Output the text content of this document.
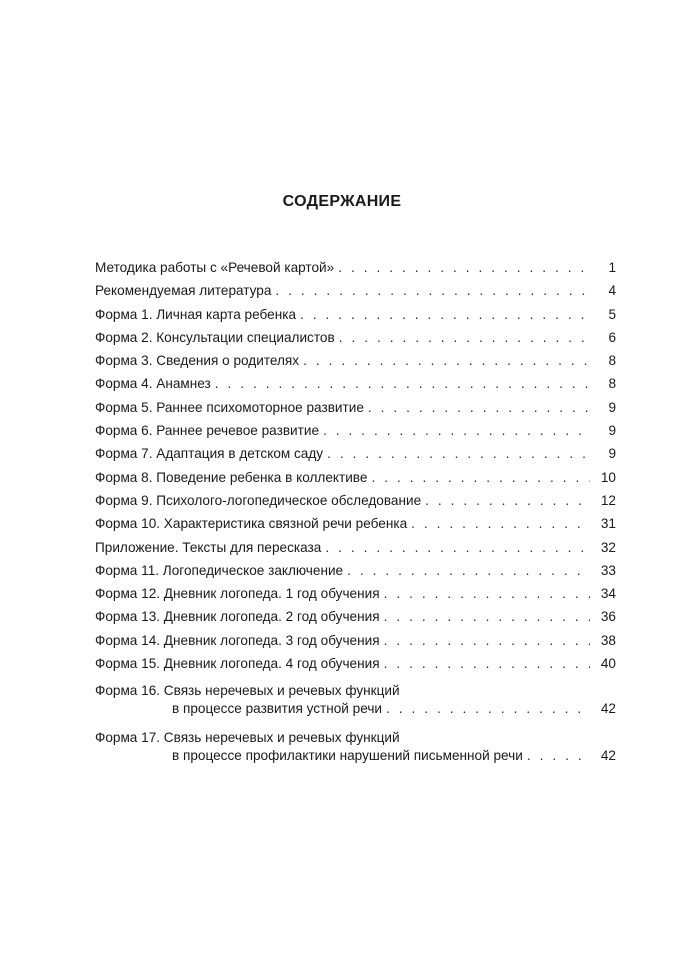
СОДЕРЖАНИЕ
Методика работы с «Речевой картой» . . .	1
Рекомендуемая литература . . .	4
Форма 1. Личная карта ребенка . . .	5
Форма 2. Консультации специалистов . . .	6
Форма 3. Сведения о родителях . . .	8
Форма 4. Анамнез . . .	8
Форма 5. Раннее психомоторное развитие . . .	9
Форма 6. Раннее речевое развитие . . .	9
Форма 7. Адаптация в детском саду . . .	9
Форма 8. Поведение ребенка в коллективе . . .	10
Форма 9. Психолого-логопедическое обследование . . .	12
Форма 10. Характеристика связной речи ребенка . . .	31
Приложение. Тексты для пересказа . . .	32
Форма 11. Логопедическое заключение . . .	33
Форма 12. Дневник логопеда. 1 год обучения . . .	34
Форма 13. Дневник логопеда. 2 год обучения . . .	36
Форма 14. Дневник логопеда. 3 год обучения . . .	38
Форма 15. Дневник логопеда. 4 год обучения . . .	40
Форма 16. Связь неречевых и речевых функций
в процессе развития устной речи . . .	42
Форма 17. Связь неречевых и речевых функций
в процессе профилактики нарушений письменной речи . . .	42
